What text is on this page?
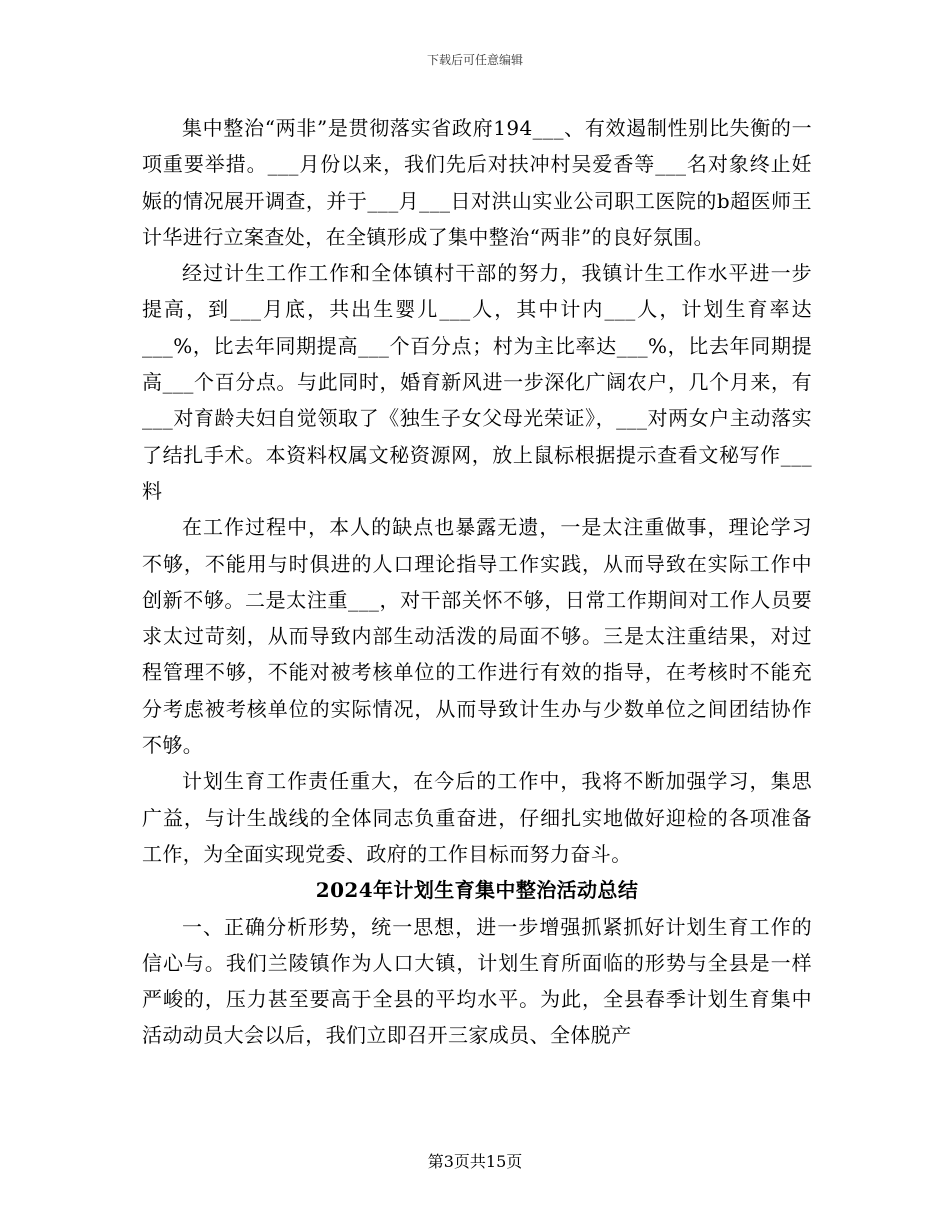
下载后可任意编辑

集中整治“两非”是贯彻落实省政府194___、有效遏制性别比失衡的一项重要举措。___月份以来，我们先后对扶冲村吴爱香等___名对象终止妊娠的情况展开调查，并于___月___日对洪山实业公司职工医院的b超医师王计华进行立案查处，在全镇形成了集中整治“两非”的良好氛围。

经过计生工作工作和全体镇村干部的努力，我镇计生工作水平进一步提高，到___月底，共出生婴儿___人，其中计内___人，计划生育率达___%，比去年同期提高___个百分点；村为主比率达___%，比去年同期提高___个百分点。与此同时，婚育新风进一步深化广阔农户，几个月来，有___对育龄夫妇自觉领取了《独生子女父母光荣证》，___对两女户主动落实了结扎手术。本资料权属文秘资源网，放上鼠标根据提示查看文秘写作___料

在工作过程中，本人的缺点也暴露无遗，一是太注重做事，理论学习不够，不能用与时俱进的人口理论指导工作实践，从而导致在实际工作中创新不够。二是太注重___，对干部关怀不够，日常工作期间对工作人员要求太过苛刻，从而导致内部生动活泼的局面不够。三是太注重结果，对过程管理不够，不能对被考核单位的工作进行有效的指导，在考核时不能充分考虑被考核单位的实际情况，从而导致计生办与少数单位之间团结协作不够。

计划生育工作责任重大，在今后的工作中，我将不断加强学习，集思广益，与计生战线的全体同志负重奋进，仔细扎实地做好迎检的各项准备工作，为全面实现党委、政府的工作目标而努力奋斗。

2024年计划生育集中整治活动总结

一、正确分析形势，统一思想，进一步增强抓紧抓好计划生育工作的信心与。我们兰陵镇作为人口大镇，计划生育所面临的形势与全县是一样严峻的，压力甚至要高于全县的平均水平。为此，全县春季计划生育集中活动动员大会以后，我们立即召开三家成员、全体脱产

第3页共15页
